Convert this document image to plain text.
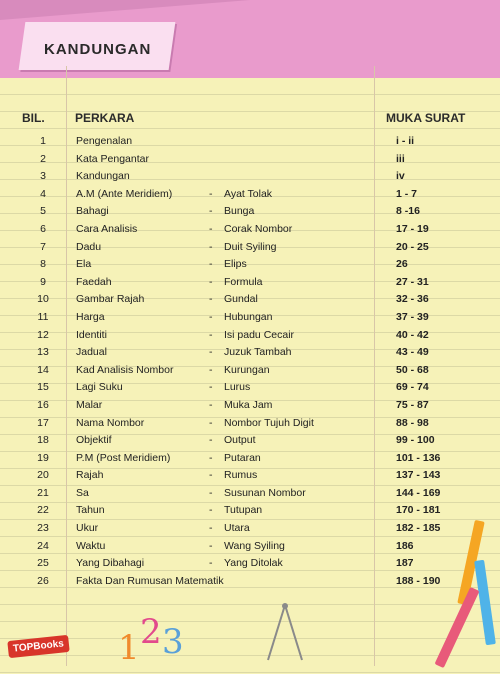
KANDUNGAN
BIL.	PERKARA	MUKA SURAT
1	Pengenalan	i - ii
2	Kata Pengantar	iii
3	Kandungan	iv
4	A.M (Ante Meridiem)	- Ayat Tolak	1 - 7
5	Bahagi	- Bunga	8 -16
6	Cara Analisis	- Corak Nombor	17 - 19
7	Dadu	- Duit Syiling	20 - 25
8	Ela	- Elips	26
9	Faedah	- Formula	27 - 31
10	Gambar Rajah	- Gundal	32 - 36
11	Harga	- Hubungan	37 - 39
12	Identiti	- Isi padu Cecair	40 - 42
13	Jadual	- Juzuk Tambah	43 - 49
14	Kad Analisis Nombor	- Kurungan	50 - 68
15	Lagi Suku	- Lurus	69 - 74
16	Malar	- Muka Jam	75 - 87
17	Nama Nombor	- Nombor Tujuh Digit	88 - 98
18	Objektif	- Output	99 - 100
19	P.M (Post Meridiem)	- Putaran	101 - 136
20	Rajah	- Rumus	137 - 143
21	Sa	- Susunan Nombor	144 - 169
22	Tahun	- Tutupan	170 - 181
23	Ukur	- Utara	182 - 185
24	Waktu	- Wang Syiling	186
25	Yang Dibahagi	- Yang Ditolak	187
26	Fakta Dan Rumusan Matematik	188 - 190
1 2 3
TOPBooks
